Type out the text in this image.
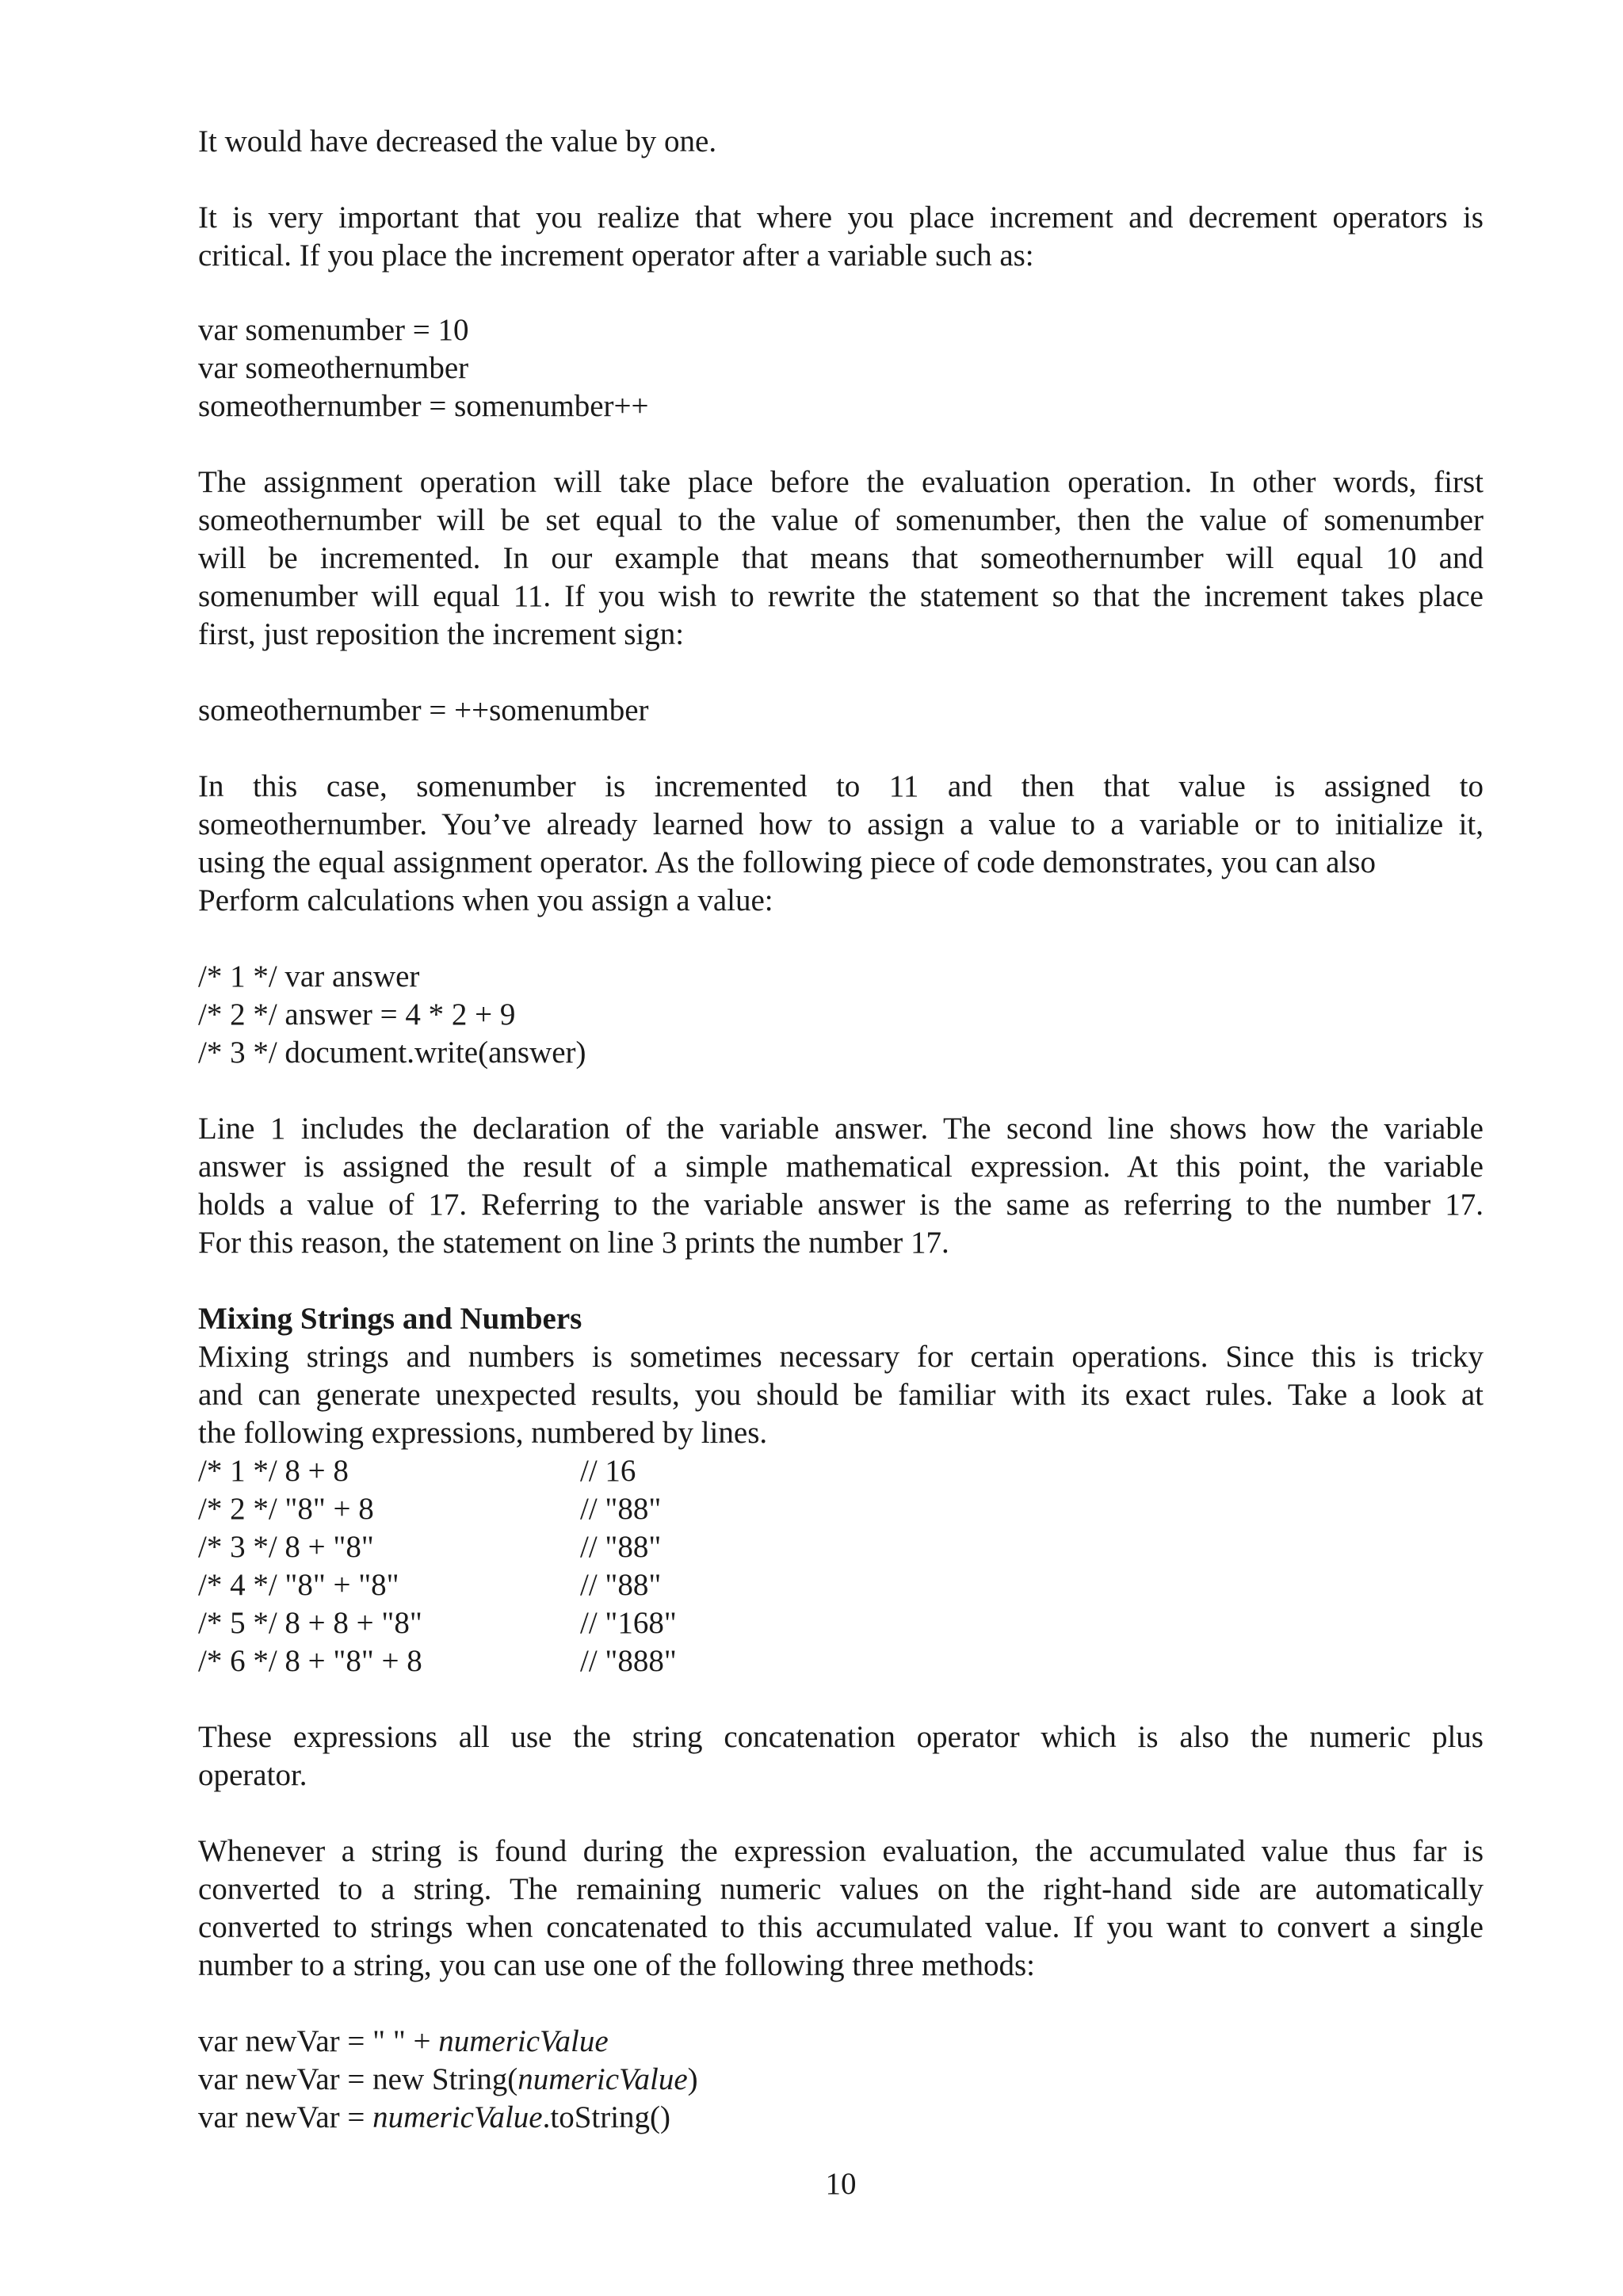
It would have decreased the value by one.
It is very important that you realize that where you place increment and decrement operators is
critical. If you place the increment operator after a variable such as:
var somenumber = 10
var someothernumber
someothernumber = somenumber++
The assignment operation will take place before the evaluation operation. In other words, first
someothernumber will be set equal to the value of somenumber, then the value of somenumber
will be incremented. In our example that means that someothernumber will equal 10 and
somenumber will equal 11. If you wish to rewrite the statement so that the increment takes place
first, just reposition the increment sign:
someothernumber = ++somenumber
In this case, somenumber is incremented to 11 and then that value is assigned to
someothernumber. You’ve already learned how to assign a value to a variable or to initialize it,
using the equal assignment operator. As the following piece of code demonstrates, you can also
Perform calculations when you assign a value:
/* 1 */ var answer
/* 2 */ answer = 4 * 2 + 9
/* 3 */ document.write(answer)
Line 1 includes the declaration of the variable answer. The second line shows how the variable
answer is assigned the result of a simple mathematical expression. At this point, the variable
holds a value of 17. Referring to the variable answer is the same as referring to the number 17.
For this reason, the statement on line 3 prints the number 17.
Mixing Strings and Numbers
Mixing strings and numbers is sometimes necessary for certain operations. Since this is tricky
and can generate unexpected results, you should be familiar with its exact rules. Take a look at
the following expressions, numbered by lines.
/* 1 */ 8 + 8	// 16
/* 2 */ "8" + 8	// "88"
/* 3 */ 8 + "8"	// "88"
/* 4 */ "8" + "8"	// "88"
/* 5 */ 8 + 8 + "8"	// "168"
/* 6 */ 8 + "8" + 8	// "888"
These expressions all use the string concatenation operator which is also the numeric plus
operator.
Whenever a string is found during the expression evaluation, the accumulated value thus far is
converted to a string. The remaining numeric values on the right-hand side are automatically
converted to strings when concatenated to this accumulated value. If you want to convert a single
number to a string, you can use one of the following three methods:
var newVar = " " + numericValue
var newVar = new String(numericValue)
var newVar = numericValue.toString()
10
